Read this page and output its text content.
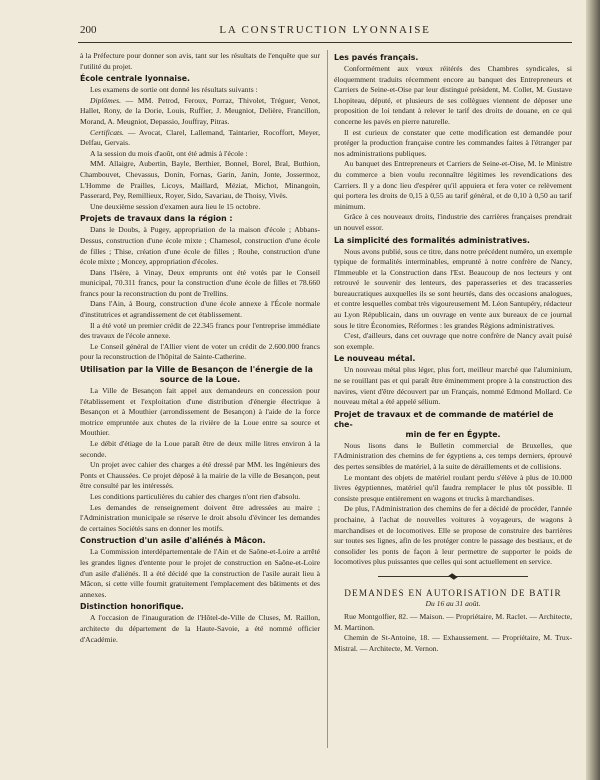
200	LA CONSTRUCTION LYONNAISE

à la Préfecture pour donner son avis, tant sur les résultats de l'enquête que sur l'utilité du projet.

École centrale lyonnaise.

Les examens de sortie ont donné les résultats suivants :

Diplômes. — MM. Petrod, Feroux, Porraz, Thivolet, Tréguer, Venot, Hallet, Rony, de la Dorie, Louis, Ruffier, J. Meugniot, Delière, Francillon, Morand, A. Meugniot, Depassio, Jouffray, Pitras.

Certificats. — Avocat, Clarel, Lallemand, Taintarier, Rocoffort, Meyer, Delfau, Gervais.

A la session du mois d'août, ont été admis à l'école :

MM. Allaigre, Aubertin, Bayle, Berthier, Bonnel, Borel, Bral, Buthion, Chambouvet, Chevassus, Donin, Fornas, Garin, Janin, Jonte, Jossermoz, L'Homme de Prailles, Licoys, Maillard, Méziat, Michot, Minangoin, Passerard, Pey, Remillieux, Royer, Sido, Savariau, de Thoisy, Vivès.

Une deuxième session d'examen aura lieu le 15 octobre.

Projets de travaux dans la région :

Dans le Doubs, à Pugey, appropriation de la maison d'école ; Abbans-Dessus, construction d'une école mixte ; Chamesol, construction d'une école de filles ; Thise, création d'une école de filles ; Rouhe, construction d'une école mixte ; Moncey, appropriation d'écoles.

Dans l'Isère, à Vinay, Deux emprunts ont été votés par le Conseil municipal, 70.311 francs, pour la construction d'une école de filles et 78.660 francs pour la reconstruction du pont de Trellins.

Dans l'Ain, à Bourg, construction d'une école annexe à l'École normale d'institutrices et agrandissement de cet établissement.

Il a été voté un premier crédit de 22.345 francs pour l'entreprise immédiate des travaux de l'école annexe.

Le Conseil général de l'Allier vient de voter un crédit de 2.600.000 francs pour la reconstruction de l'hôpital de Sainte-Catherine.

Utilisation par la Ville de Besançon de l'énergie de la
source de la Loue.

La Ville de Besançon fait appel aux demandeurs en concession pour l'établissement et l'exploitation d'une distribution d'énergie électrique à Besançon et à Mouthier (arrondissement de Besançon) à l'aide de la force motrice empruntée aux chutes de la rivière de la Loue entre sa source et Mouthier.

Le débit d'étiage de la Loue paraît être de deux mille litres environ à la seconde.

Un projet avec cahier des charges a été dressé par MM. les Ingénieurs des Ponts et Chaussées. Ce projet déposé à la mairie de la ville de Besançon, peut être consulté par les intéressés.

Les conditions particulières du cahier des charges n'ont rien d'absolu.

Les demandes de renseignement doivent être adressées au maire ; l'Administration municipale se réserve le droit absolu d'évincer les demandes de certaines Sociétés sans en donner les motifs.

Construction d'un asile d'aliénés à Mâcon.

La Commission interdépartementale de l'Ain et de Saône-et-Loire a arrêté les grandes lignes d'entente pour le projet de construction en Saône-et-Loire d'un asile d'aliénés. Il a été décidé que la construction de l'asile aurait lieu à Mâcon, si cette ville fournit gratuitement l'emplacement des bâtiments et des annexes.

Distinction honorifique.

A l'occasion de l'inauguration de l'Hôtel-de-Ville de Cluses, M. Raillon, architecte du département de la Haute-Savoie, a été nommé officier d'Académie.

Les pavés français.

Conformément aux vœux réitérés des Chambres syndicales, si éloquemment traduits récemment encore au banquet des Entrepreneurs et Carriers de Seine-et-Oise par leur distingué président, M. Collet, M. Gustave Lhopiteau, député, et plusieurs de ses collègues viennent de déposer une proposition de loi tendant à relever le tarif des droits de douane, en ce qui concerne les pavés en pierre naturelle.

Il est curieux de constater que cette modification est demandée pour protéger la production française contre les commandes faites à l'étranger par nos administrations publiques.

Au banquet des Entrepreneurs et Carriers de Seine-et-Oise, M. le Ministre du commerce a bien voulu reconnaître légitimes les revendications des Carriers. Il y a donc lieu d'espérer qu'il appuiera et fera voter ce relèvement qui portera les droits de 0,15 à 0,55 au tarif général, et de 0,10 à 0,50 au tarif minimum.

Grâce à ces nouveaux droits, l'industrie des carrières françaises prendrait un nouvel essor.

La simplicité des formalités administratives.

Nous avons publié, sous ce titre, dans notre précédent numéro, un exemple typique de formalités interminables, emprunté à notre confrère de Nancy, l'Immeuble et la Construction dans l'Est. Beaucoup de nos lecteurs y ont retrouvé le souvenir des lenteurs, des paperasseries et des tracasseries bureaucratiques auxquelles ils se sont heurtés, dans des occasions analogues, et contre lesquelles combat très vigoureusement M. Léon Santupéry, rédacteur au Lyon Républicain, dans un ouvrage en vente aux bureaux de ce journal sous le titre Économies, Réformes : les grandes Régions administratives.

C'est, d'ailleurs, dans cet ouvrage que notre confrère de Nancy avait puisé son exemple.

Le nouveau métal.

Un nouveau métal plus léger, plus fort, meilleur marché que l'aluminium, ne se rouillant pas et qui paraît être éminemment propre à la construction des navires, vient d'être découvert par un Français, nommé Edmond Mollard. Ce nouveau métal a été appelé sélium.

Projet de travaux et de commande de matériel de che-
min de fer en Égypte.

Nous lisons dans le Bulletin commercial de Bruxelles, que l'Administration des chemins de fer égyptiens a, ces temps derniers, éprouvé des pertes sensibles de matériel, à la suite de déraillements et de collisions.

Le montant des objets de matériel roulant perdu s'élève à plus de 10.000 livres égyptiennes, matériel qu'il faudra remplacer le plus tôt possible. Il consiste presque entièrement en wagons et trucks à marchandises.

De plus, l'Administration des chemins de fer a décidé de procéder, l'année prochaine, à l'achat de nouvelles voitures à voyageurs, de wagons à marchandises et de locomotives. Elle se propose de construire des barrières sur toutes ses lignes, afin de les protéger contre le passage des bestiaux, et de consolider les ponts de façon à leur permettre de supporter le poids de locomotives plus puissantes que celles qui sont actuellement en service.

DEMANDES EN AUTORISATION DE BATIR
Du 16 au 31 août.

Rue Montgolfier, 82. — Maison. — Propriétaire, M. Raclet. — Architecte, M. Martinon.

Chemin de St-Antoine, 18. — Exhaussement. — Propriétaire, M. Trux-Mistral. — Architecte, M. Vernon.
